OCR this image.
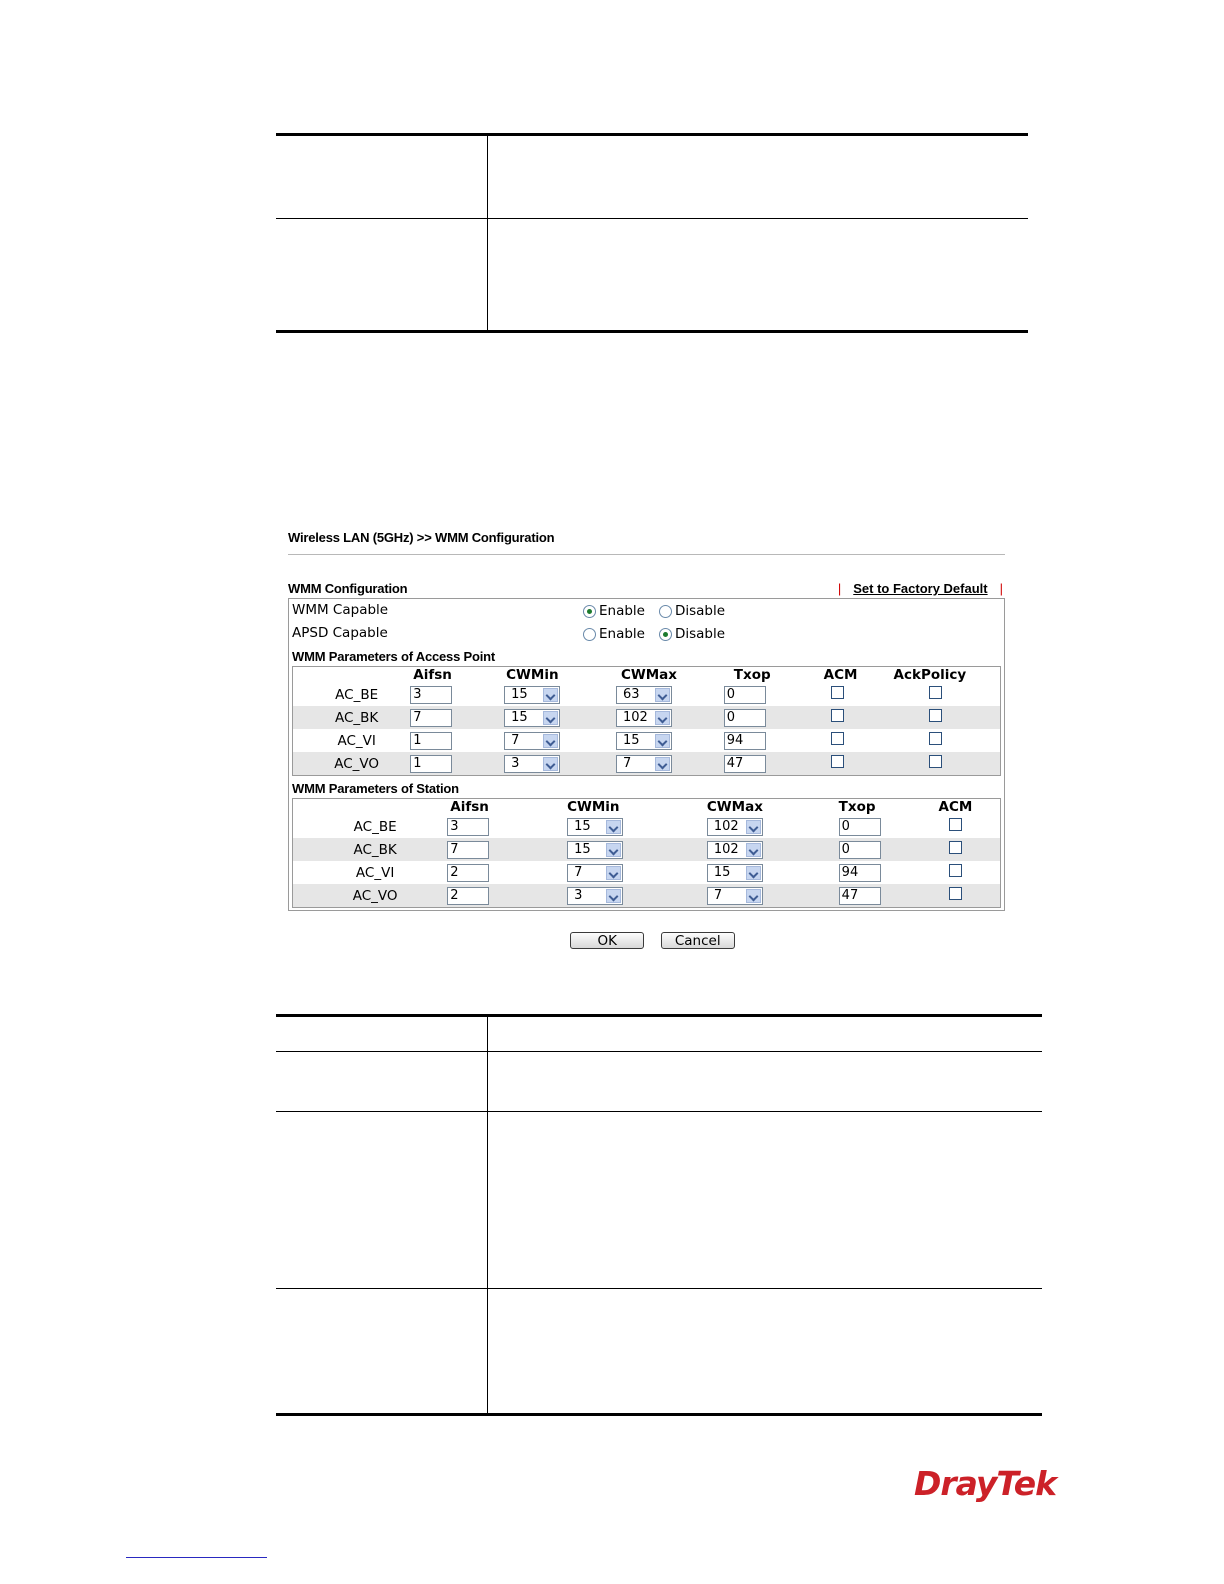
Wireless LAN (5GHz) >> WMM Configuration
WMM Configuration	| Set to Factory Default |
WMM Capable	Enable Disable
APSD Capable	Enable Disable
WMM Parameters of Access Point
	Aifsn	CWMin	CWMax	Txop	ACM	AckPolicy
AC_BE	3	15	63	0		

AC_BK	7	15	102	0		

AC_VI	1	7	15	94		

AC_VO	1	3	7	47		

WMM Parameters of Station
	Aifsn	CWMin	CWMax	Txop	ACM
AC_BE	3	15	102	0	

AC_BK	7	15	102	0	

AC_VI	2	7	15	94	

AC_VO	2	3	7	47	

OK	Cancel
DrayTek
